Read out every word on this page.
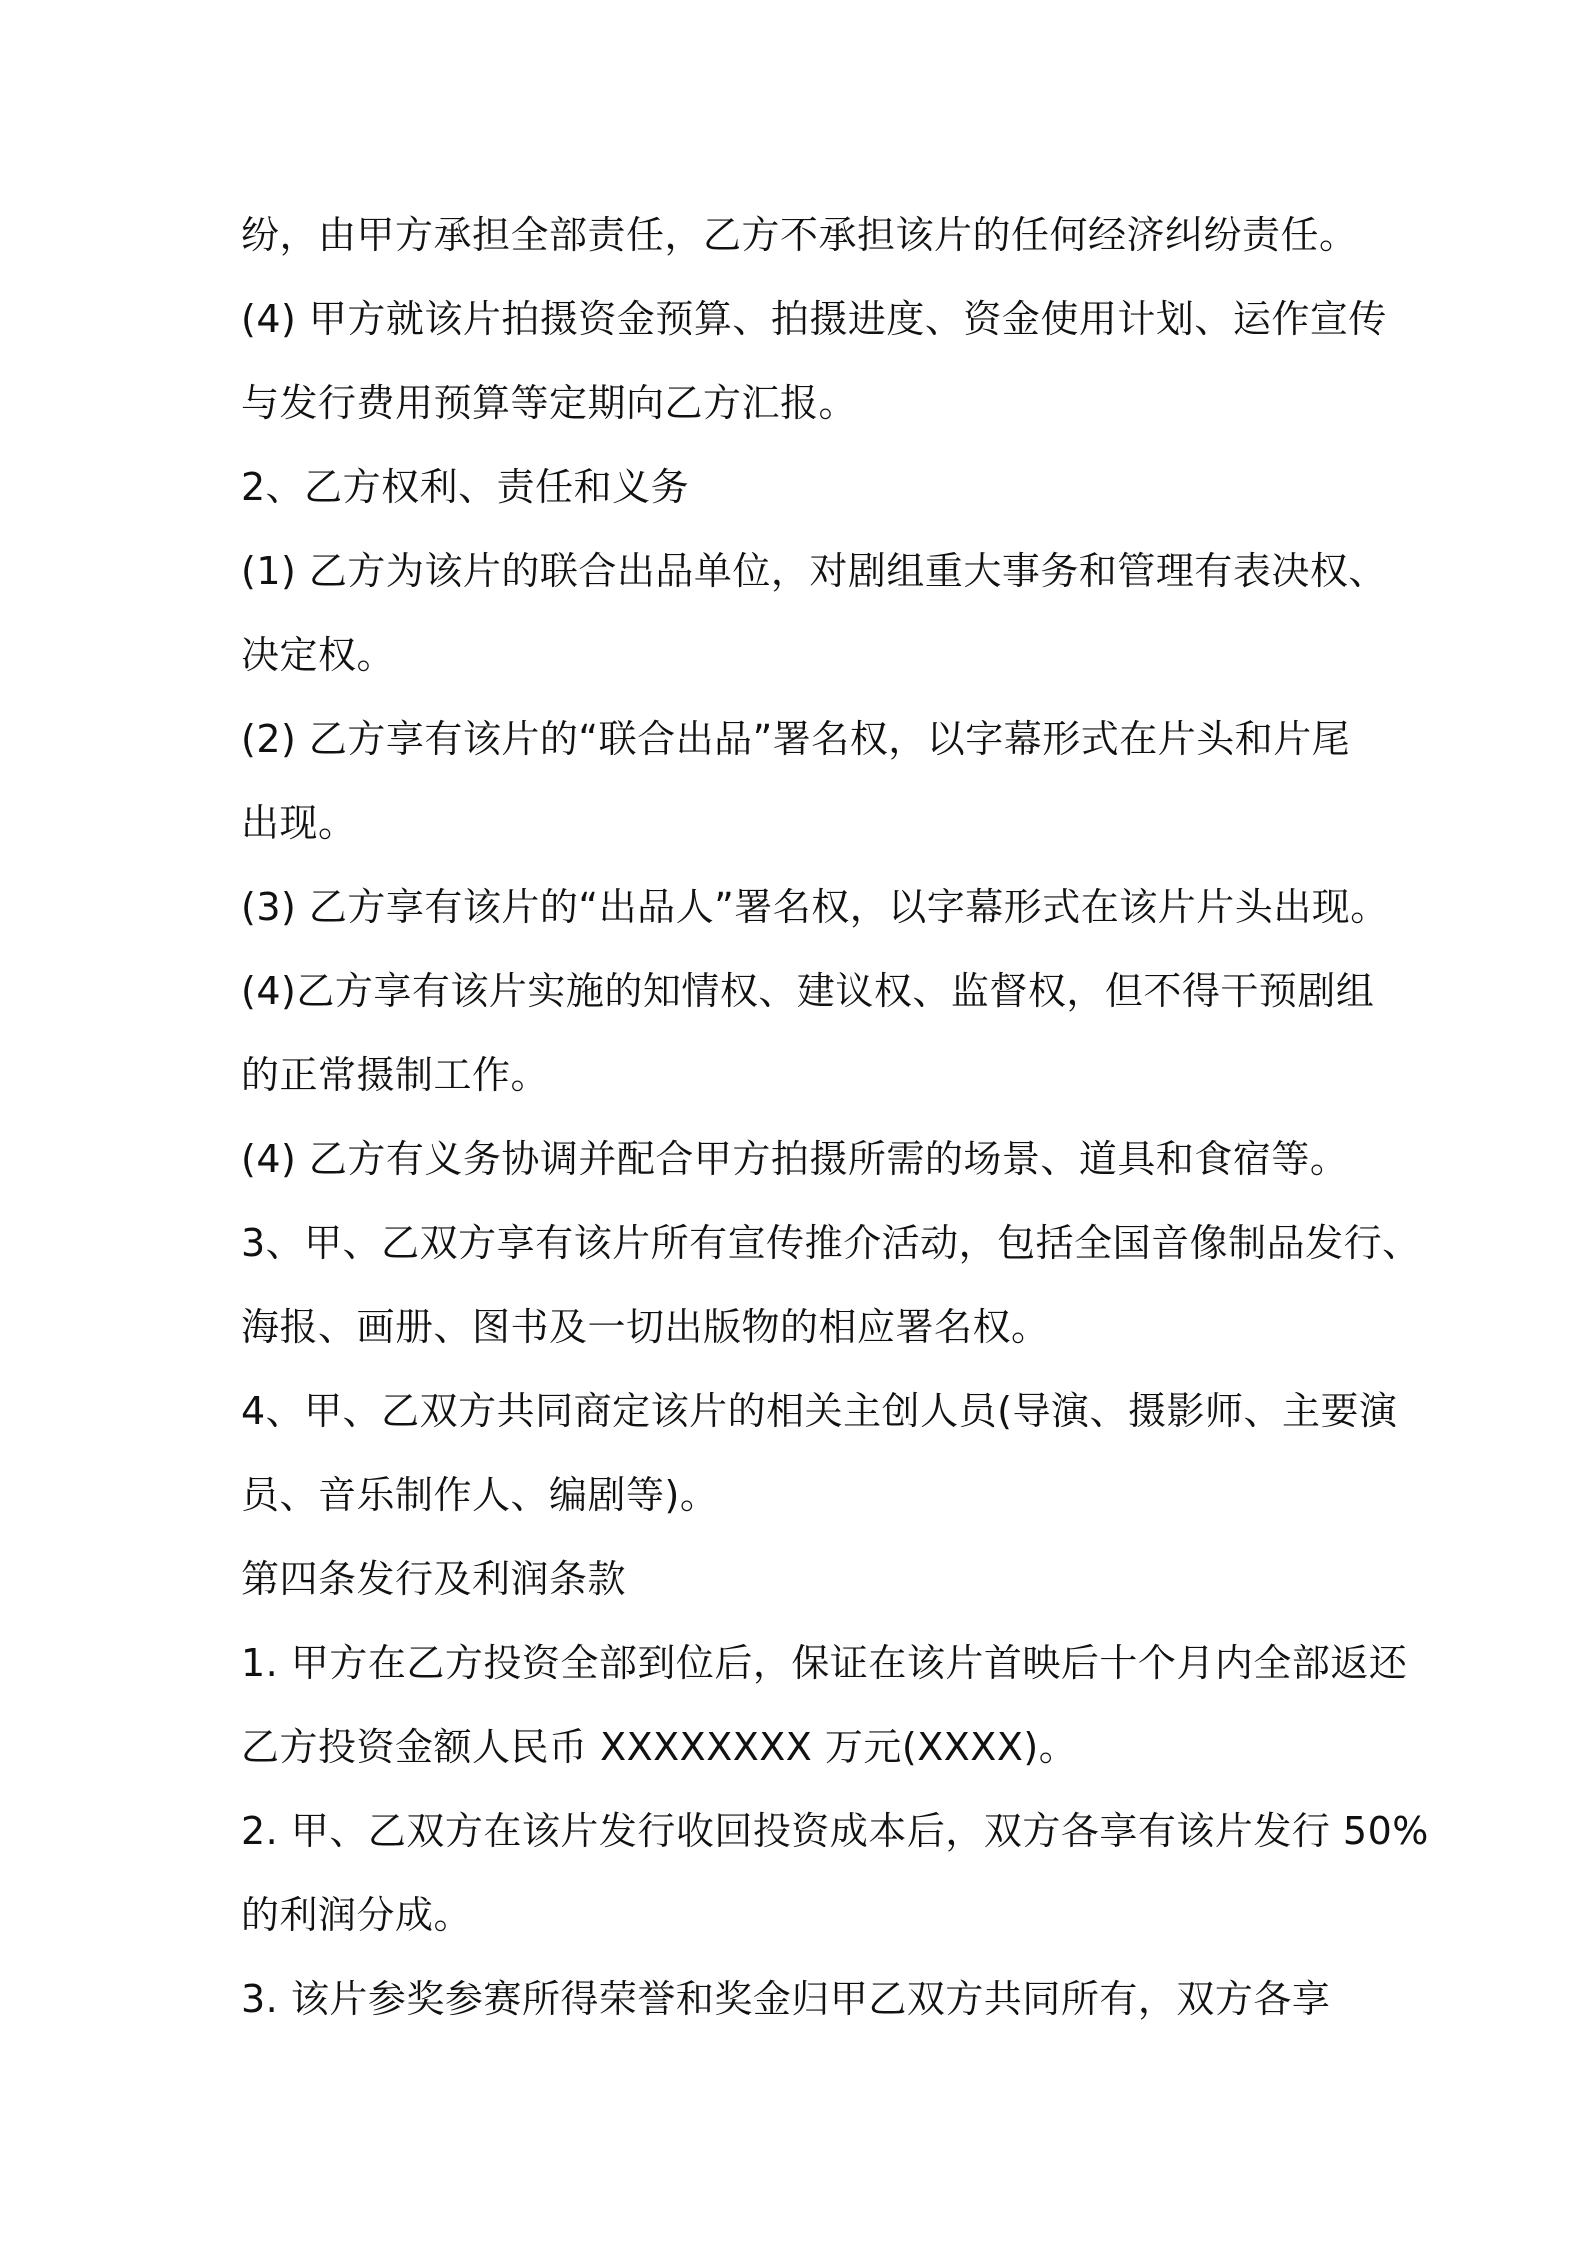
纷，由甲方承担全部责任，乙方不承担该片的任何经济纠纷责任。
(4) 甲方就该片拍摄资金预算、拍摄进度、资金使用计划、运作宣传
与发行费用预算等定期向乙方汇报。
2、乙方权利、责任和义务
(1) 乙方为该片的联合出品单位，对剧组重大事务和管理有表决权、
决定权。
(2) 乙方享有该片的“联合出品”署名权，以字幕形式在片头和片尾
出现。
(3) 乙方享有该片的“出品人”署名权，以字幕形式在该片片头出现。
(4)乙方享有该片实施的知情权、建议权、监督权，但不得干预剧组
的正常摄制工作。
(4) 乙方有义务协调并配合甲方拍摄所需的场景、道具和食宿等。
3、甲、乙双方享有该片所有宣传推介活动，包括全国音像制品发行、
海报、画册、图书及一切出版物的相应署名权。
4、甲、乙双方共同商定该片的相关主创人员(导演、摄影师、主要演
员、音乐制作人、编剧等)。
第四条发行及利润条款
1. 甲方在乙方投资全部到位后，保证在该片首映后十个月内全部返还
乙方投资金额人民币 XXXXXXXX 万元(XXXX)。
2. 甲、乙双方在该片发行收回投资成本后，双方各享有该片发行 50%
的利润分成。
3. 该片参奖参赛所得荣誉和奖金归甲乙双方共同所有，双方各享
